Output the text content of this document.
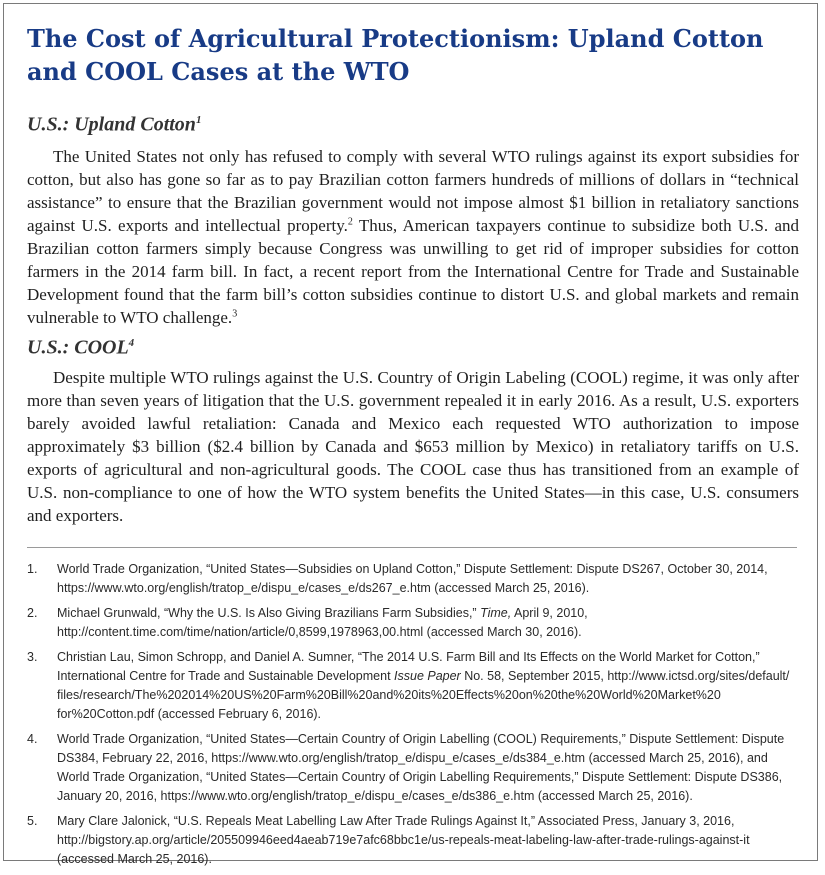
The Cost of Agricultural Protectionism: Upland Cotton and COOL Cases at the WTO
U.S.: Upland Cotton$^1$

The United States not only has refused to comply with several WTO rulings against its export subsidies for cotton, but also has gone so far as to pay Brazilian cotton farmers hundreds of millions of dollars in “technical assistance” to ensure that the Brazilian government would not impose almost $1 billion in retaliatory sanctions against U.S. exports and intellectual property.$^2$ Thus, American taxpayers continue to subsidize both U.S. and Brazilian cotton farmers simply because Congress was unwilling to get rid of improper subsidies for cotton farmers in the 2014 farm bill. In fact, a recent report from the International Centre for Trade and Sustainable Development found that the farm bill’s cotton subsidies continue to distort U.S. and global markets and remain vulnerable to WTO challenge.$^3$

U.S.: COOL$^4$

Despite multiple WTO rulings against the U.S. Country of Origin Labeling (COOL) regime, it was only after more than seven years of litigation that the U.S. government repealed it in early 2016. As a result, U.S. exporters barely avoided lawful retaliation: Canada and Mexico each requested WTO authorization to impose approximately $3 billion ($2.4 billion by Canada and $653 million by Mexico) in retaliatory tariffs on U.S. exports of agricultural and non-agricultural goods. The COOL case thus has transitioned from an example of U.S. non-compliance to one of how the WTO system benefits the United States—in this case, U.S. consumers and exporters.

1. World Trade Organization, “United States—Subsidies on Upland Cotton,” Dispute Settlement: Dispute DS267, October 30, 2014, https://www.wto.org/english/tratop_e/dispu_e/cases_e/ds267_e.htm (accessed March 25, 2016).
2. Michael Grunwald, “Why the U.S. Is Also Giving Brazilians Farm Subsidies,” Time, April 9, 2010, http://content.time.com/time/nation/article/0,8599,1978963,00.html (accessed March 30, 2016).
3. Christian Lau, Simon Schropp, and Daniel A. Sumner, “The 2014 U.S. Farm Bill and Its Effects on the World Market for Cotton,”
International Centre for Trade and Sustainable Development Issue Paper No. 58, September 2015, http://www.ictsd.org/sites/default/
files/research/The%202014%20US%20Farm%20Bill%20and%20its%20Effects%20on%20the%20World%20Market%20
for%20Cotton.pdf (accessed February 6, 2016).
4. World Trade Organization, “United States—Certain Country of Origin Labelling (COOL) Requirements,” Dispute Settlement: Dispute DS384, February 22, 2016, https://www.wto.org/english/tratop_e/dispu_e/cases_e/ds384_e.htm (accessed March 25, 2016), and World Trade Organization, “United States—Certain Country of Origin Labelling Requirements,” Dispute Settlement: Dispute DS386, January 20, 2016, https://www.wto.org/english/tratop_e/dispu_e/cases_e/ds386_e.htm (accessed March 25, 2016).
5. Mary Clare Jalonick, “U.S. Repeals Meat Labelling Law After Trade Rulings Against It,” Associated Press, January 3, 2016,
http://bigstory.ap.org/article/205509946eed4aeab719e7afc68bbc1e/us-repeals-meat-labeling-law-after-trade-rulings-against-it
(accessed March 25, 2016).
